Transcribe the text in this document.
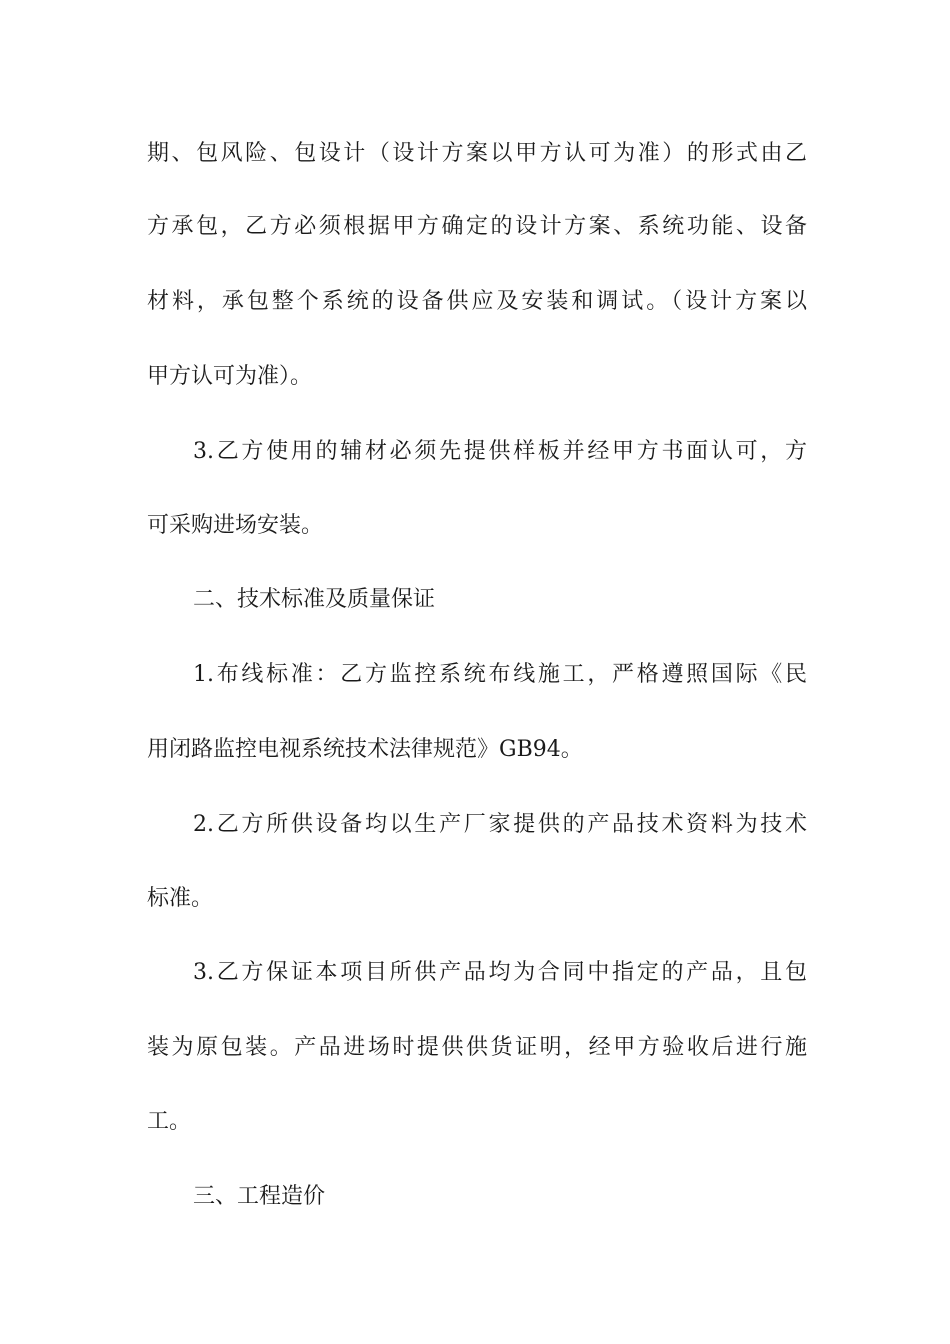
期、包风险、包设计（设计方案以甲方认可为准）的形式由乙
方承包，乙方必须根据甲方确定的设计方案、系统功能、设备
材料，承包整个系统的设备供应及安装和调试。（设计方案以
甲方认可为准）。
3.乙方使用的辅材必须先提供样板并经甲方书面认可，方
可采购进场安装。
二、技术标准及质量保证
1.布线标准：乙方监控系统布线施工，严格遵照国际《民
用闭路监控电视系统技术法律规范》GB94。
2.乙方所供设备均以生产厂家提供的产品技术资料为技术
标准。
3.乙方保证本项目所供产品均为合同中指定的产品，且包
装为原包装。产品进场时提供供货证明，经甲方验收后进行施
工。
三、工程造价
